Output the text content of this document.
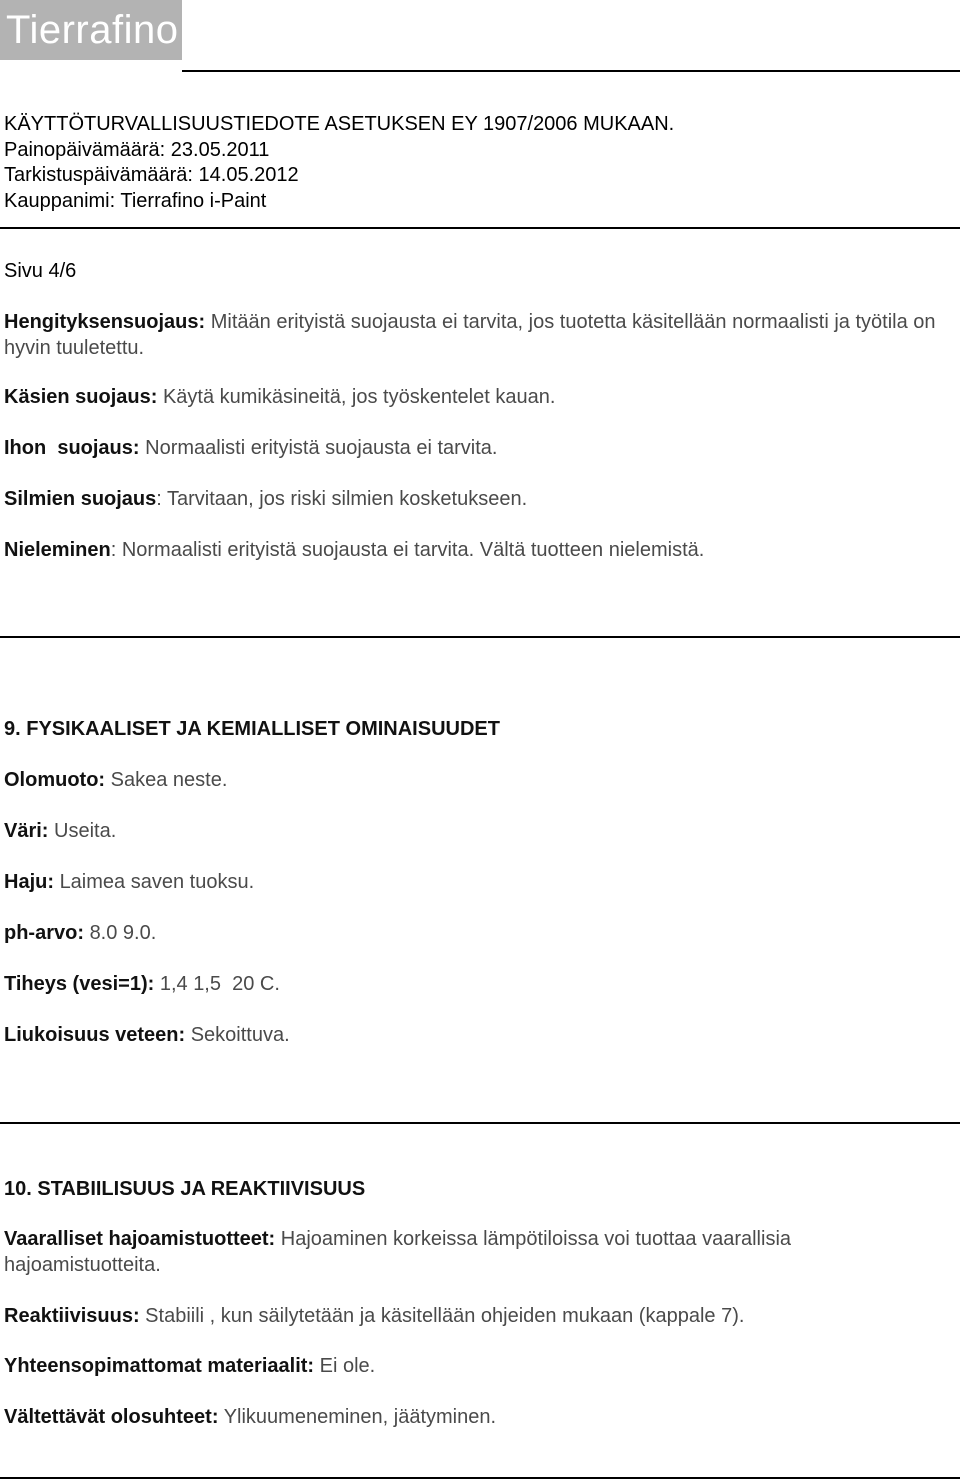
Tierrafino
KÄYTTÖTURVALLISUUSTIEDOTE ASETUKSEN EY 1907/2006 MUKAAN.
Painopäivämäärä: 23.05.2011
Tarkistuspäivämäärä: 14.05.2012
Kauppanimi: Tierrafino i-Paint
Sivu 4/6
Hengityksensuojaus: Mitään erityistä suojausta ei tarvita, jos tuotetta käsitellään normaalisti ja työtila on hyvin tuuletettu.
Käsien suojaus: Käytä kumikäsineitä, jos työskentelet kauan.
Ihon  suojaus: Normaalisti erityistä suojausta ei tarvita.
Silmien suojaus: Tarvitaan, jos riski silmien kosketukseen.
Nieleminen: Normaalisti erityistä suojausta ei tarvita. Vältä tuotteen nielemistä.
9. FYSIKAALISET JA KEMIALLISET OMINAISUUDET
Olomuoto: Sakea neste.
Väri: Useita.
Haju: Laimea saven tuoksu.
ph-arvo: 8.0 9.0.
Tiheys (vesi=1): 1,4 1,5  20 C.
Liukoisuus veteen: Sekoittuva.
10. STABIILISUUS JA REAKTIIVISUUS
Vaaralliset hajoamistuotteet: Hajoaminen korkeissa lämpötiloissa voi tuottaa vaarallisia
hajoamistuotteita.
Reaktiivisuus: Stabiili , kun säilytetään ja käsitellään ohjeiden mukaan (kappale 7).
Yhteensopimattomat materiaalit: Ei ole.
Vältettävät olosuhteet: Ylikuumeneminen, jäätyminen.
